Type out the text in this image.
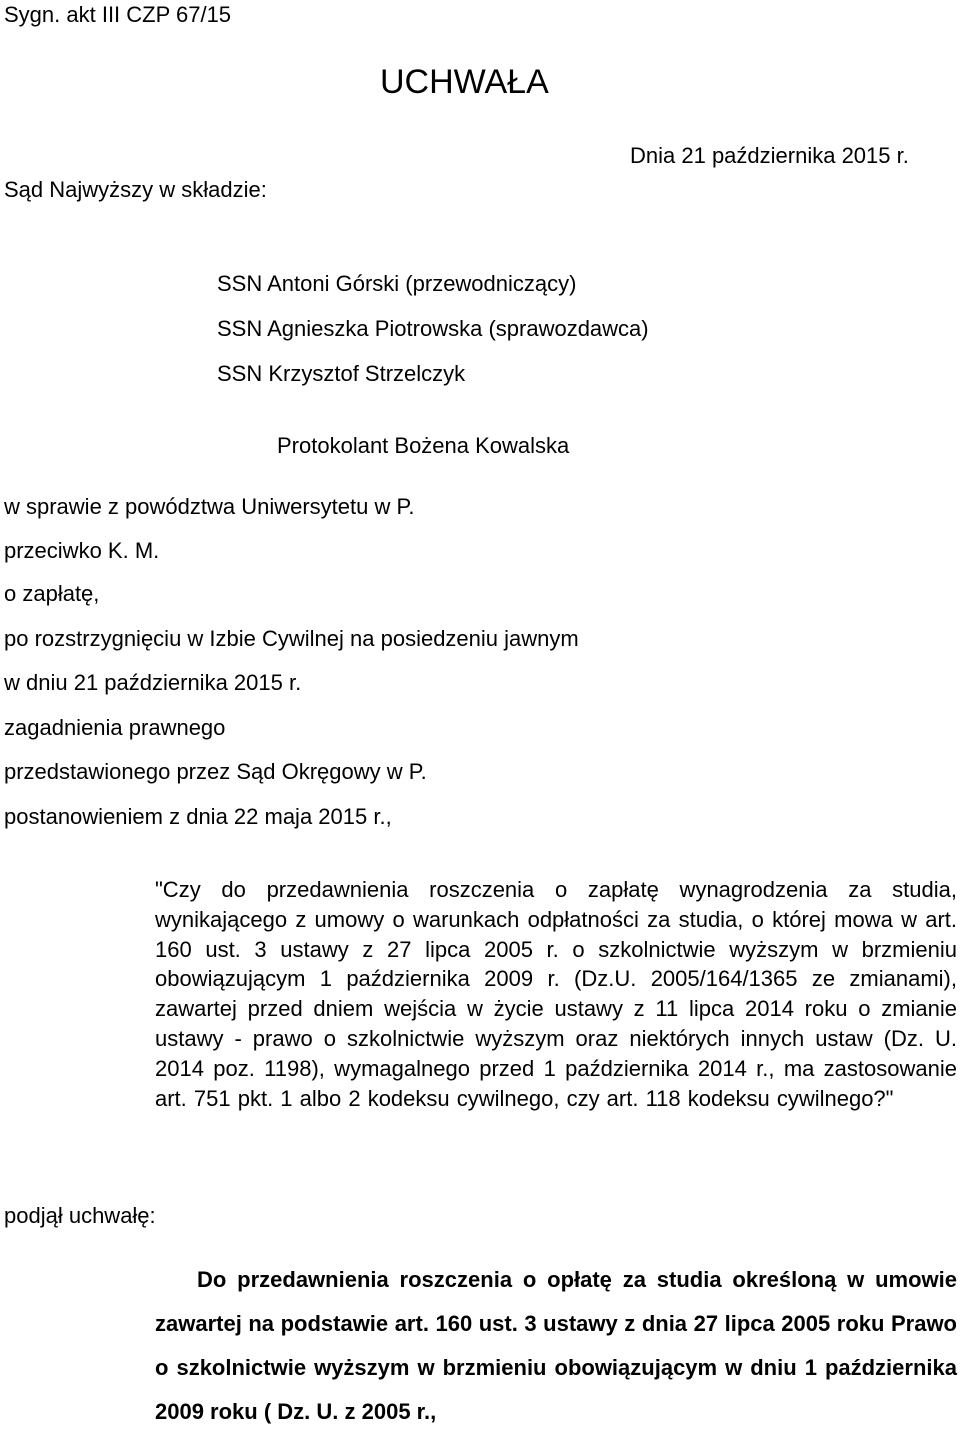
Sygn. akt III CZP 67/15
UCHWAŁA
Dnia 21 października 2015 r.
Sąd Najwyższy w składzie:
SSN Antoni Górski (przewodniczący)
SSN Agnieszka Piotrowska (sprawozdawca)
SSN Krzysztof Strzelczyk
Protokolant Bożena Kowalska
w sprawie z powództwa Uniwersytetu w P.
przeciwko K. M.
o zapłatę,
po rozstrzygnięciu w Izbie Cywilnej na posiedzeniu jawnym
w dniu 21 października 2015 r.
zagadnienia prawnego
przedstawionego przez Sąd Okręgowy w P.
postanowieniem z dnia 22 maja 2015 r.,
"Czy do przedawnienia roszczenia o zapłatę wynagrodzenia za studia, wynikającego z umowy o warunkach odpłatności za studia, o której mowa w art. 160 ust. 3 ustawy z 27 lipca 2005 r. o szkolnictwie wyższym w brzmieniu obowiązującym 1 października 2009 r. (Dz.U. 2005/164/1365 ze zmianami), zawartej przed dniem wejścia w życie ustawy z 11 lipca 2014 roku o zmianie ustawy - prawo o szkolnictwie wyższym oraz niektórych innych ustaw (Dz. U. 2014 poz. 1198), wymagalnego przed 1 października 2014 r., ma zastosowanie art. 751 pkt. 1 albo 2 kodeksu cywilnego, czy art. 118 kodeksu cywilnego?"
podjął uchwałę:
Do przedawnienia roszczenia o opłatę za studia określoną w umowie zawartej na podstawie art. 160 ust. 3 ustawy z dnia 27 lipca 2005 roku Prawo o szkolnictwie wyższym w brzmieniu obowiązującym w dniu 1 października 2009 roku ( Dz. U. z 2005 r.,
